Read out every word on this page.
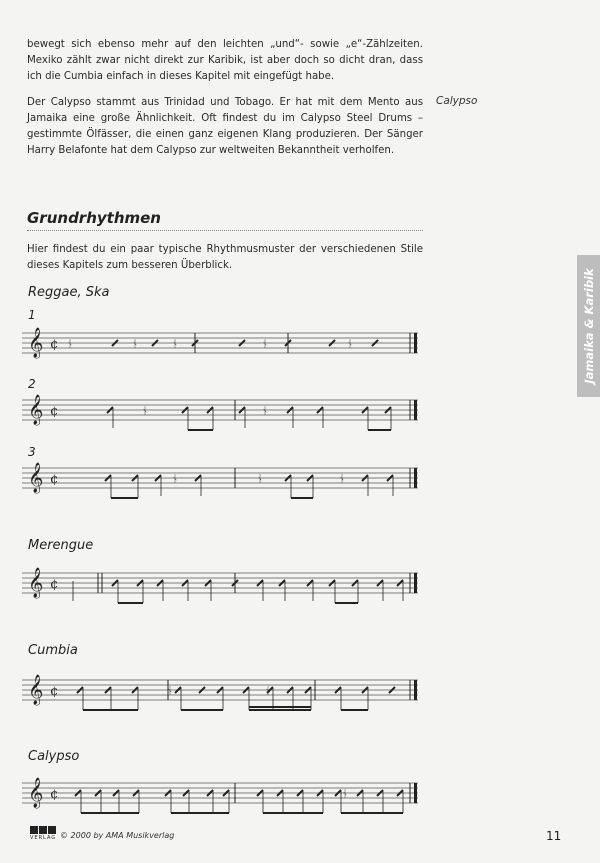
bewegt sich ebenso mehr auf den leichten „und“- sowie „e“-Zählzeiten. Mexiko zählt zwar nicht direkt zur Karibik, ist aber doch so dicht dran, dass ich die Cumbia einfach in dieses Kapitel mit eingefügt habe.
Der Calypso stammt aus Trinidad und Tobago. Er hat mit dem Mento aus Jamaika eine große Ähnlichkeit. Oft findest du im Calypso Steel Drums – gestimmte Ölfässer, die einen ganz eigenen Klang produzieren. Der Sänger Harry Belafonte hat dem Calypso zur weltweiten Bekanntheit verholfen.
Calypso
Grundrhythmen
Hier findest du ein paar typische Rhythmusmuster der verschiedenen Stile dieses Kapitels zum besseren Überblick.
Jamaika & Karibik
Reggae, Ska
1
𝄞 ¢ ᚾ	ᚾ	ᚾ	ᚾ	ᚾ
2
𝄞 ¢	ᚾ	ᚾ
3
𝄞 ¢	ᚾ	ᚾ	ᚾ
Merengue
𝄞 ¢
Cumbia
𝄞 ¢	ᚾ	ᚾ
Calypso
𝄞 ¢	ᚾ
VERLAG © 2000 by AMA Musikverlag	11
